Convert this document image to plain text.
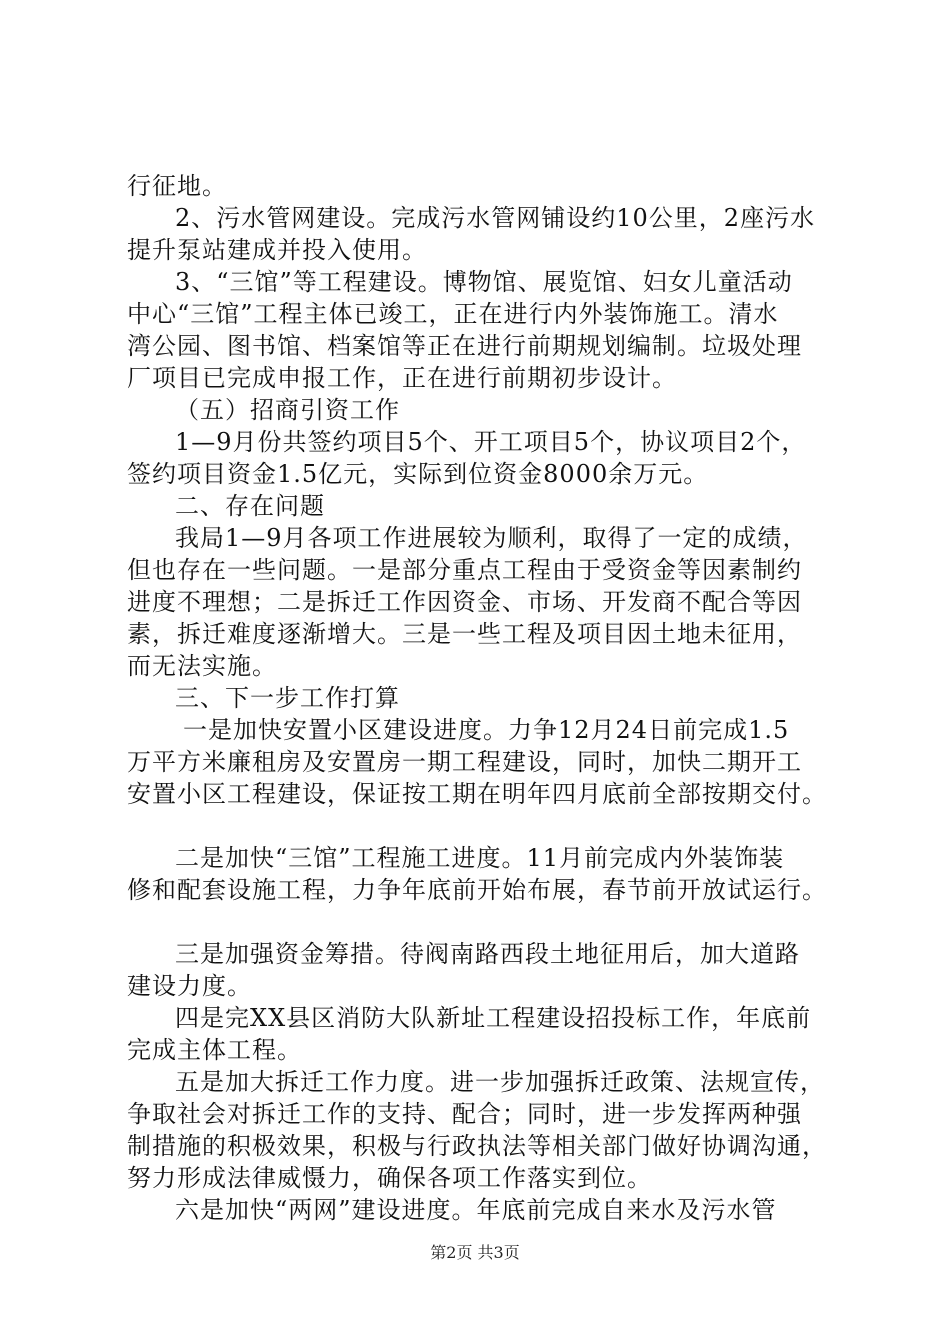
行征地。
2、污水管网建设。完成污水管网铺设约10公里，2座污水
提升泵站建成并投入使用。
3、“三馆”等工程建设。博物馆、展览馆、妇女儿童活动
中心“三馆”工程主体已竣工，正在进行内外装饰施工。清水
湾公园、图书馆、档案馆等正在进行前期规划编制。垃圾处理
厂项目已完成申报工作，正在进行前期初步设计。
（五）招商引资工作
1—9月份共签约项目5个、开工项目5个，协议项目2个，
签约项目资金1.5亿元，实际到位资金8000余万元。
二、存在问题
我局1—9月各项工作进展较为顺利，取得了一定的成绩，
但也存在一些问题。一是部分重点工程由于受资金等因素制约
进度不理想；二是拆迁工作因资金、市场、开发商不配合等因
素，拆迁难度逐渐增大。三是一些工程及项目因土地未征用，
而无法实施。
三、下一步工作打算
一是加快安置小区建设进度。力争12月24日前完成1.5
万平方米廉租房及安置房一期工程建设，同时，加快二期开工
安置小区工程建设，保证按工期在明年四月底前全部按期交付。
二是加快“三馆”工程施工进度。11月前完成内外装饰装
修和配套设施工程，力争年底前开始布展，春节前开放试运行。
三是加强资金筹措。待阀南路西段土地征用后，加大道路
建设力度。
四是完XX县区消防大队新址工程建设招投标工作，年底前
完成主体工程。
五是加大拆迁工作力度。进一步加强拆迁政策、法规宣传，
争取社会对拆迁工作的支持、配合；同时，进一步发挥两种强
制措施的积极效果，积极与行政执法等相关部门做好协调沟通，
努力形成法律威慑力，确保各项工作落实到位。
六是加快“两网”建设进度。年底前完成自来水及污水管
第2页 共3页
